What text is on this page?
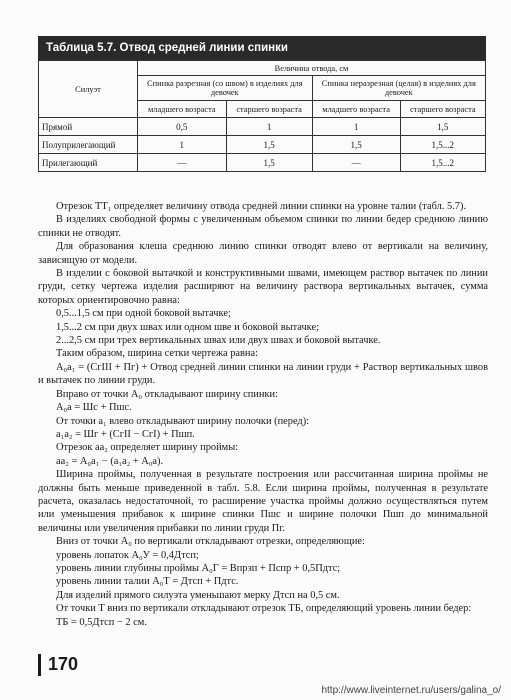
Таблица 5.7. Отвод средней линии спинки
Силуэт	Величина отвода, см			
	Спинка разрезная (со швом) в изделиях для девочек		Спинка неразрезная (целая) в изделиях для девочек	
	младшего возраста	старшего возраста	младшего возраста	старшего возраста
Прямой	0,5	1	1	1,5
Полуприлегающий	1	1,5	1,5	1,5...2
Прилегающий	—	1,5	—	1,5...2

Отрезок ТТ₁ определяет величину отвода средней линии спинки на уровне талии (табл. 5.7).

В изделиях свободной формы с увеличенным объемом спинки по линии бедер среднюю линию спинки не отводят.

Для образования клеша среднюю линию спинки отводят влево от вертикали на величину, зависящую от модели.

В изделии с боковой вытачкой и конструктивными швами, имеющем раствор вытачек по линии груди, сетку чертежа изделия расширяют на величину раствора вертикальных вытачек, сумма которых ориентировочно равна:

0,5...1,5 см при одной боковой вытачке;

1,5...2 см при двух швах или одном шве и боковой вытачке;

2...2,5 см при трех вертикальных швах или двух швах и боковой вытачке.

Таким образом, ширина сетки чертежа равна:

А₀а₁ = (СгIII + Пг) + Отвод средней линии спинки на линии груди + Раствор вертикальных швов и вытачек по линии груди.

Вправо от точки А₀ откладывают ширину спинки:

А₀а = Шс + Пшс.

От точки а₁ влево откладывают ширину полочки (перед):

а₁а₂ = Шг + (СгII − СгI) + Пшп.

Отрезок аа₂ определяет ширину проймы:

аа₂ = А₀а₁ − (а₁а₂ + А₀а).

Ширина проймы, полученная в результате построения или рассчитанная ширина проймы не должны быть меньше приведенной в табл. 5.8. Если ширина проймы, полученная в результате расчета, оказалась недостаточной, то расширение участка проймы должно осуществляться путем или уменьшения прибавок к ширине спинки Пшс и ширине полочки Пшп до минимальной величины или увеличения прибавки по линии груди Пг.

Вниз от точки А₀ по вертикали откладывают отрезки, определяющие:

уровень лопаток А₀У = 0,4Дтсп;

уровень линии глубины проймы А₀Г = Впрзп + Пспр + 0,5Пдтс;

уровень линии талии А₀Т = Дтсп + Пдтс.

Для изделий прямого силуэта уменьшают мерку Дтсп на 0,5 см.

От точки Т вниз по вертикали откладывают отрезок ТБ, определяющий уровень линии бедер:

ТБ = 0,5Дтсп − 2 см.

170
http://www.liveinternet.ru/users/galina_o/
